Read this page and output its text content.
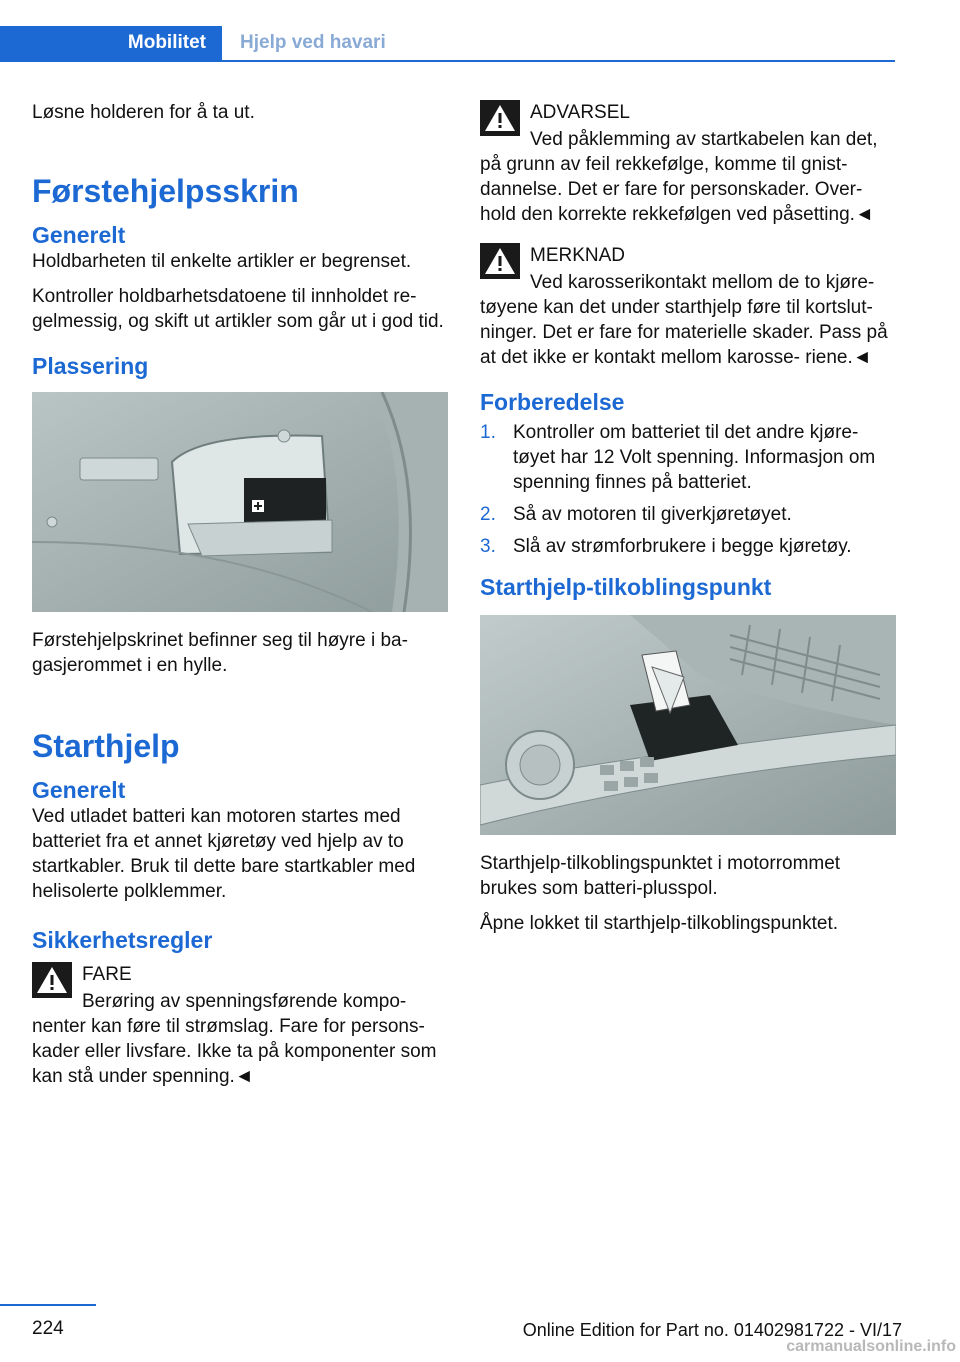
Mobilitet	Hjelp ved havari

Løsne holderen for å ta ut.

Førstehjelpsskrin
Generelt

Holdbarheten til enkelte artikler er begrenset.

Kontroller holdbarhetsdatoene til innholdet regelmessig, og skift ut artikler som går ut i god tid.

Plassering

Førstehjelpskrinet befinner seg til høyre i bagasjerommet i en hylle.

Starthjelp
Generelt

Ved utladet batteri kan motoren startes med batteriet fra et annet kjøretøy ved hjelp av to startkabler. Bruk til dette bare startkabler med helisolerte polklemmer.

Sikkerhetsregler
FARE
Berøring av spenningsførende kompo‐
nenter kan føre til strømslag. Fare for persons‐ kader eller livsfare. Ikke ta på komponenter som kan stå under spenning.◄
ADVARSEL
Ved påklemming av startkabelen kan det,
på grunn av feil rekkefølge, komme til gnist‐ dannelse. Det er fare for personskader. Over‐ hold den korrekte rekkefølgen ved påsetting.◄
MERKNAD
Ved karosserikontakt mellom de to kjøre‐
tøyene kan det under starthjelp føre til kortslut‐ ninger. Det er fare for materielle skader. Pass på at det ikke er kontakt mellom karosse‐ riene.◄
Forberedelse
1. Kontroller om batteriet til det andre kjøre‐ tøyet har 12 Volt spenning. Informasjon om spenning finnes på batteriet.
2. Så av motoren til giverkjøretøyet.
3. Slå av strømforbrukere i begge kjøretøy.
Starthjelp-tilkoblingspunkt

Starthjelp-tilkoblingspunktet i motorrommet brukes som batteri-plusspol.

Åpne lokket til starthjelp-tilkoblingspunktet.

224	Online Edition for Part no. 01402981722 - VI/17
carmanualsonline.info
